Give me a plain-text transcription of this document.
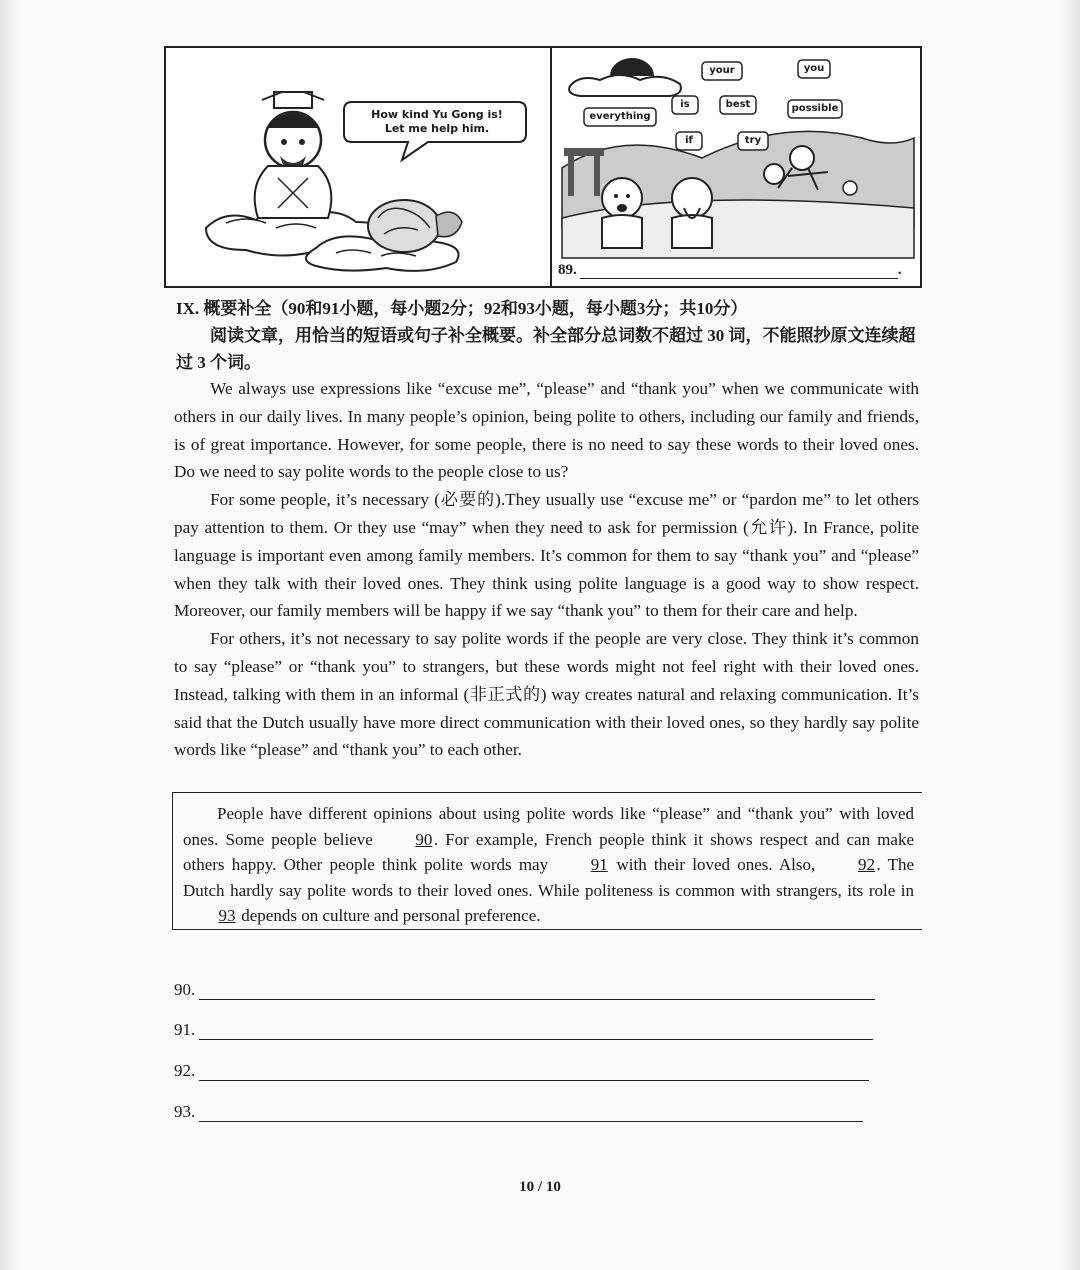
How kind Yu Gong is!
Let me help him.
your	you
is	best	possible
everything
if	try
89.	.
IX. 概要补全（90和91小题，每小题2分；92和93小题，每小题3分；共10分）
阅读文章，用恰当的短语或句子补全概要。补全部分总词数不超过 30 词，不能照抄原文连续超过 3 个词。

We always use expressions like “excuse me”, “please” and “thank you” when we communicate with others in our daily lives. In many people’s opinion, being polite to others, including our family and friends, is of great importance. However, for some people, there is no need to say these words to their loved ones. Do we need to say polite words to the people close to us?

For some people, it’s necessary (必要的).They usually use “excuse me” or “pardon me” to let others pay attention to them. Or they use “may” when they need to ask for permission (允许). In France, polite language is important even among family members. It’s common for them to say “thank you” and “please” when they talk with their loved ones. They think using polite language is a good way to show respect. Moreover, our family members will be happy if we say “thank you” to them for their care and help.

For others, it’s not necessary to say polite words if the people are very close. They think it’s common to say “please” or “thank you” to strangers, but these words might not feel right with their loved ones. Instead, talking with them in an informal (非正式的) way creates natural and relaxing communication. It’s said that the Dutch usually have more direct communication with their loved ones, so they hardly say polite words like “please” and “thank you” to each other.

People have different opinions about using polite words like “please” and “thank you” with loved ones. Some people believe 90. For example, French people think it shows respect and can make others happy. Other people think polite words may 91 with their loved ones. Also, 92. The Dutch hardly say polite words to their loved ones. While politeness is common with strangers, its role in 93 depends on culture and personal preference.

90.
91.
92.
93.
10 / 10
